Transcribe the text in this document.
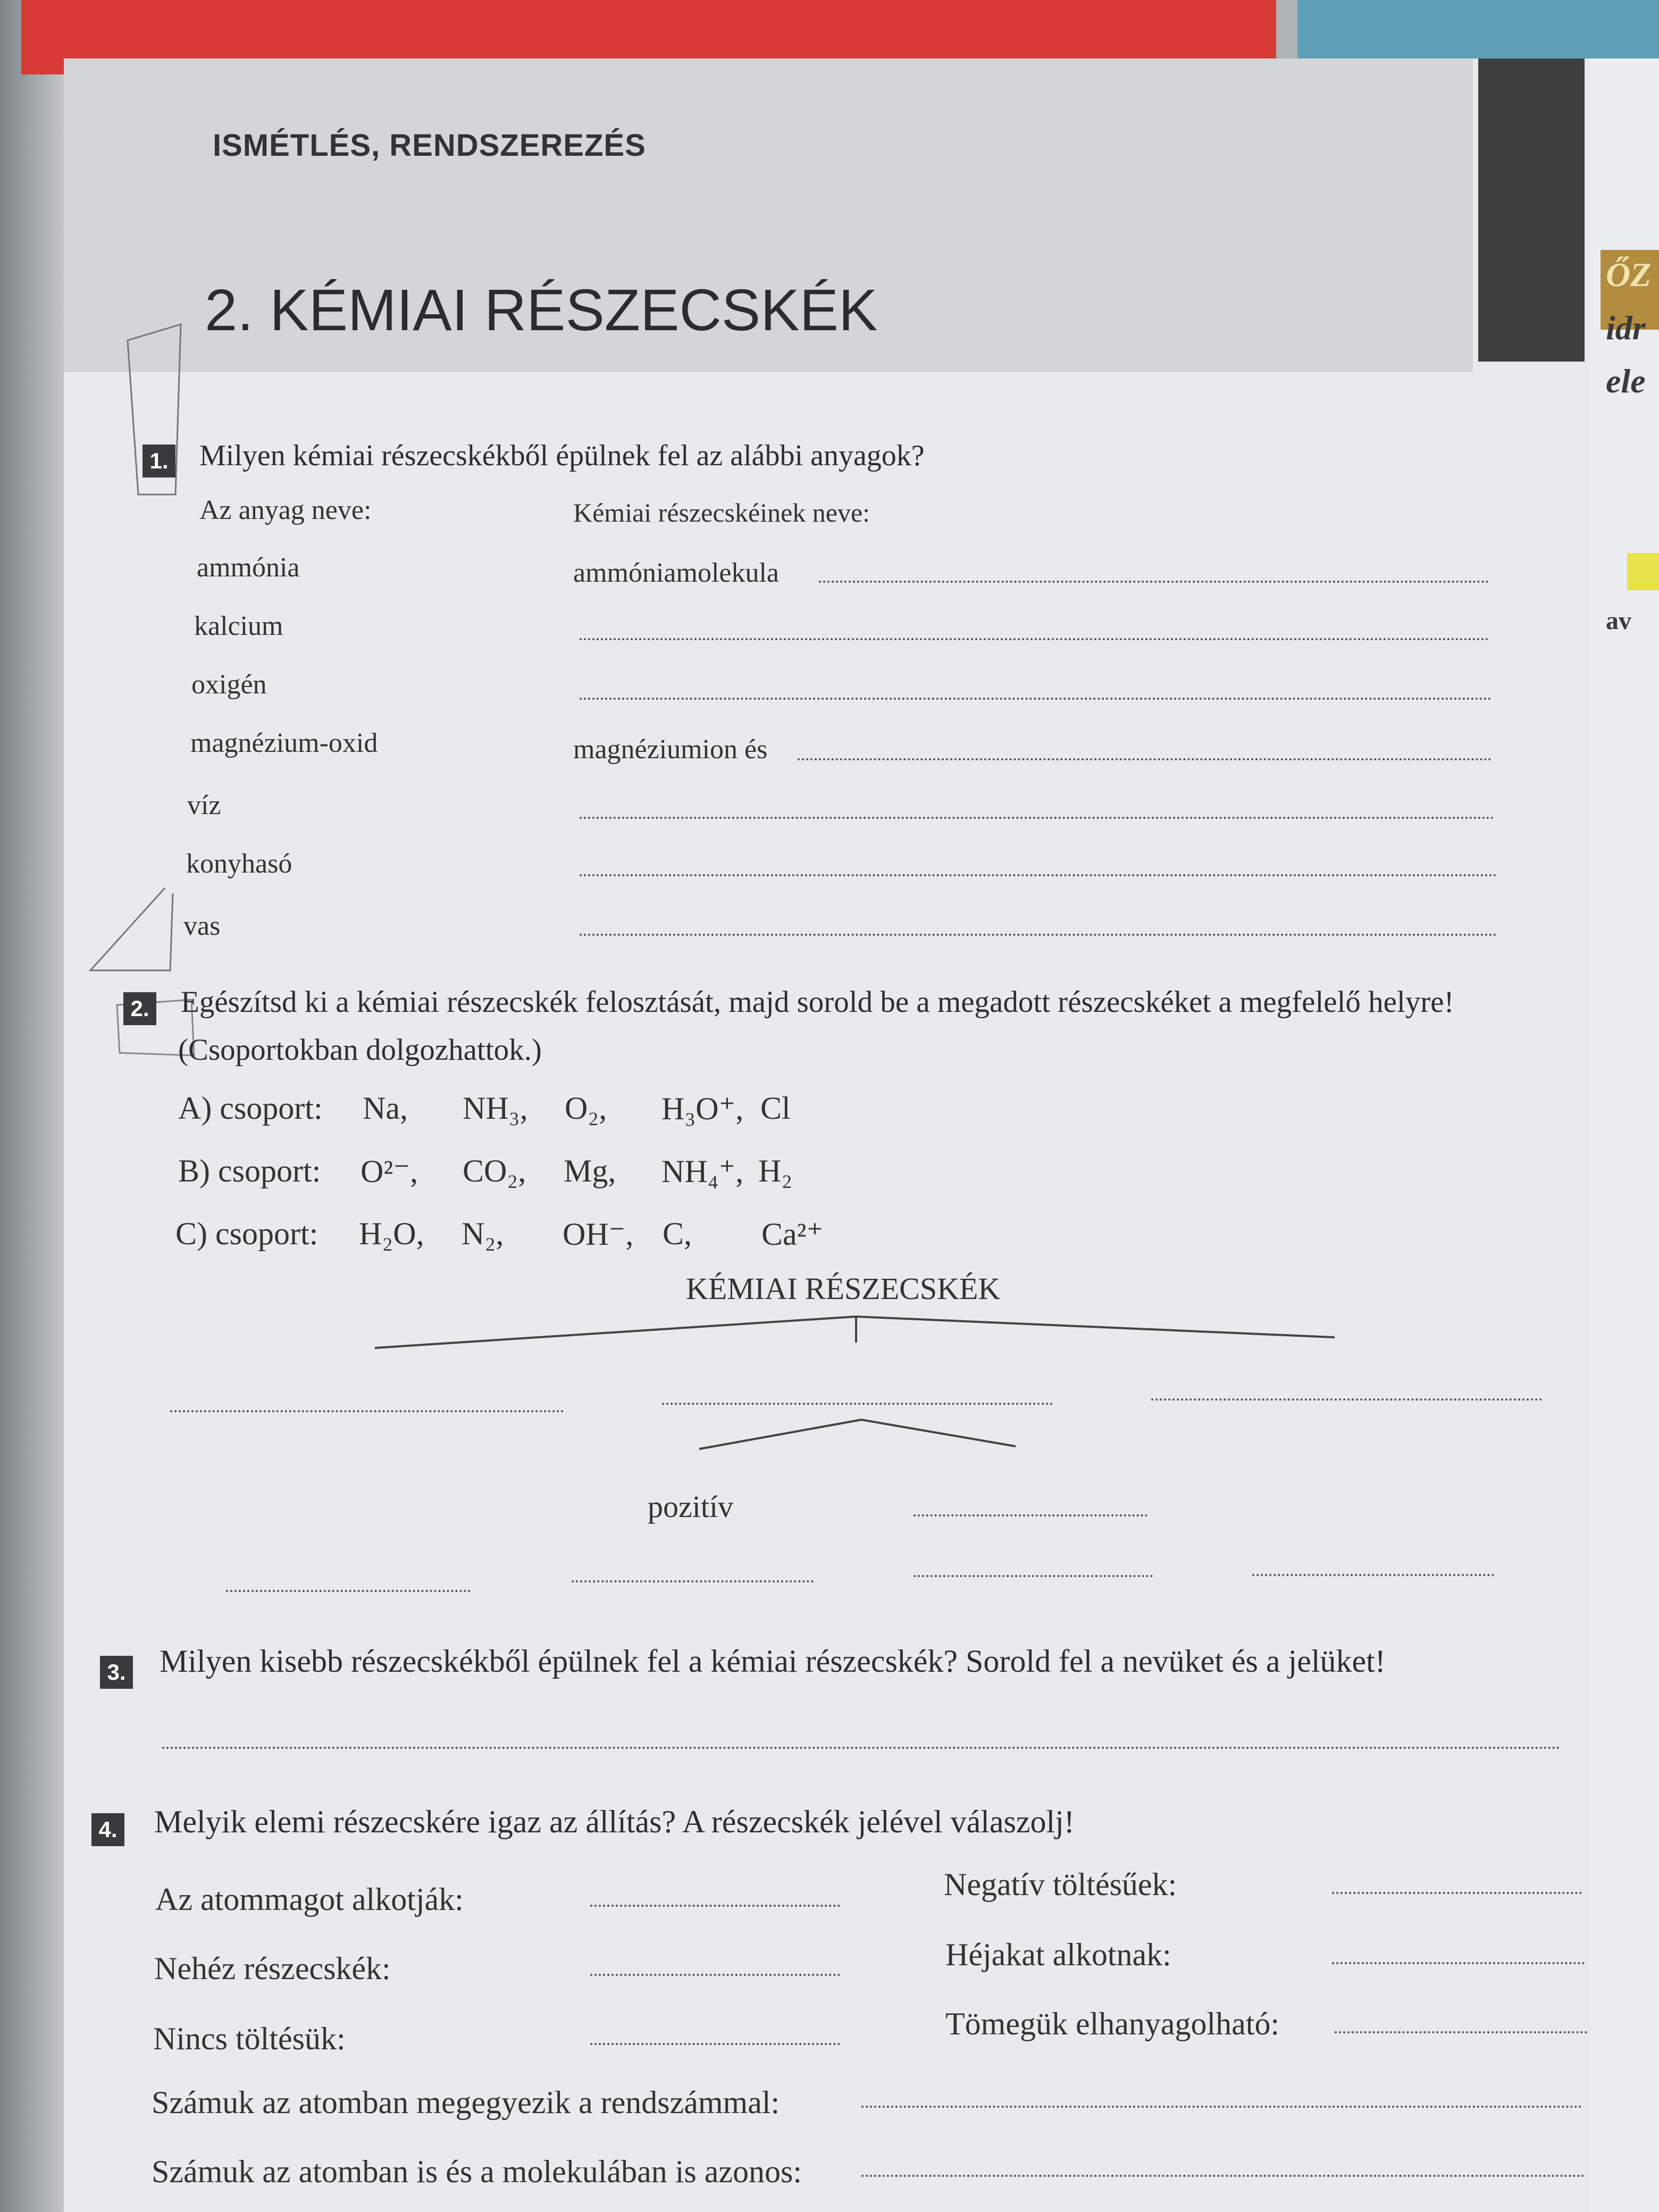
ŐZ
idr
ele
av
ISMÉTLÉS, RENDSZEREZÉS
2. KÉMIAI RÉSZECSKÉK
1. Milyen kémiai részecskékből épülnek fel az alábbi anyagok?
Az anyag neve:	Kémiai részecskéinek neve:
ammónia	ammóniamolekula
kalcium
oxigén
magnézium-oxid	magnéziumion és
víz
konyhasó
vas
2. Egészítsd ki a kémiai részecskék felosztását, majd sorold be a megadott részecskéket a megfelelő helyre!
(Csoportokban dolgozhattok.)
A) csoport: Na, NH₃, O₂, H₃O⁺, Cl
B) csoport: O²⁻, CO₂, Mg, NH₄⁺, H₂
C) csoport: H₂O, N₂, OH⁻, C, Ca²⁺
KÉMIAI RÉSZECSKÉK
pozitív
3. Milyen kisebb részecskékből épülnek fel a kémiai részecskék? Sorold fel a nevüket és a jelüket!
4. Melyik elemi részecskére igaz az állítás? A részecskék jelével válaszolj!
Az atommagot alkotják:	Negatív töltésűek:
Nehéz részecskék:	Héjakat alkotnak:
Nincs töltésük:	Tömegük elhanyagolható:
Számuk az atomban megegyezik a rendszámmal:
Számuk az atomban is és a molekulában is azonos:
